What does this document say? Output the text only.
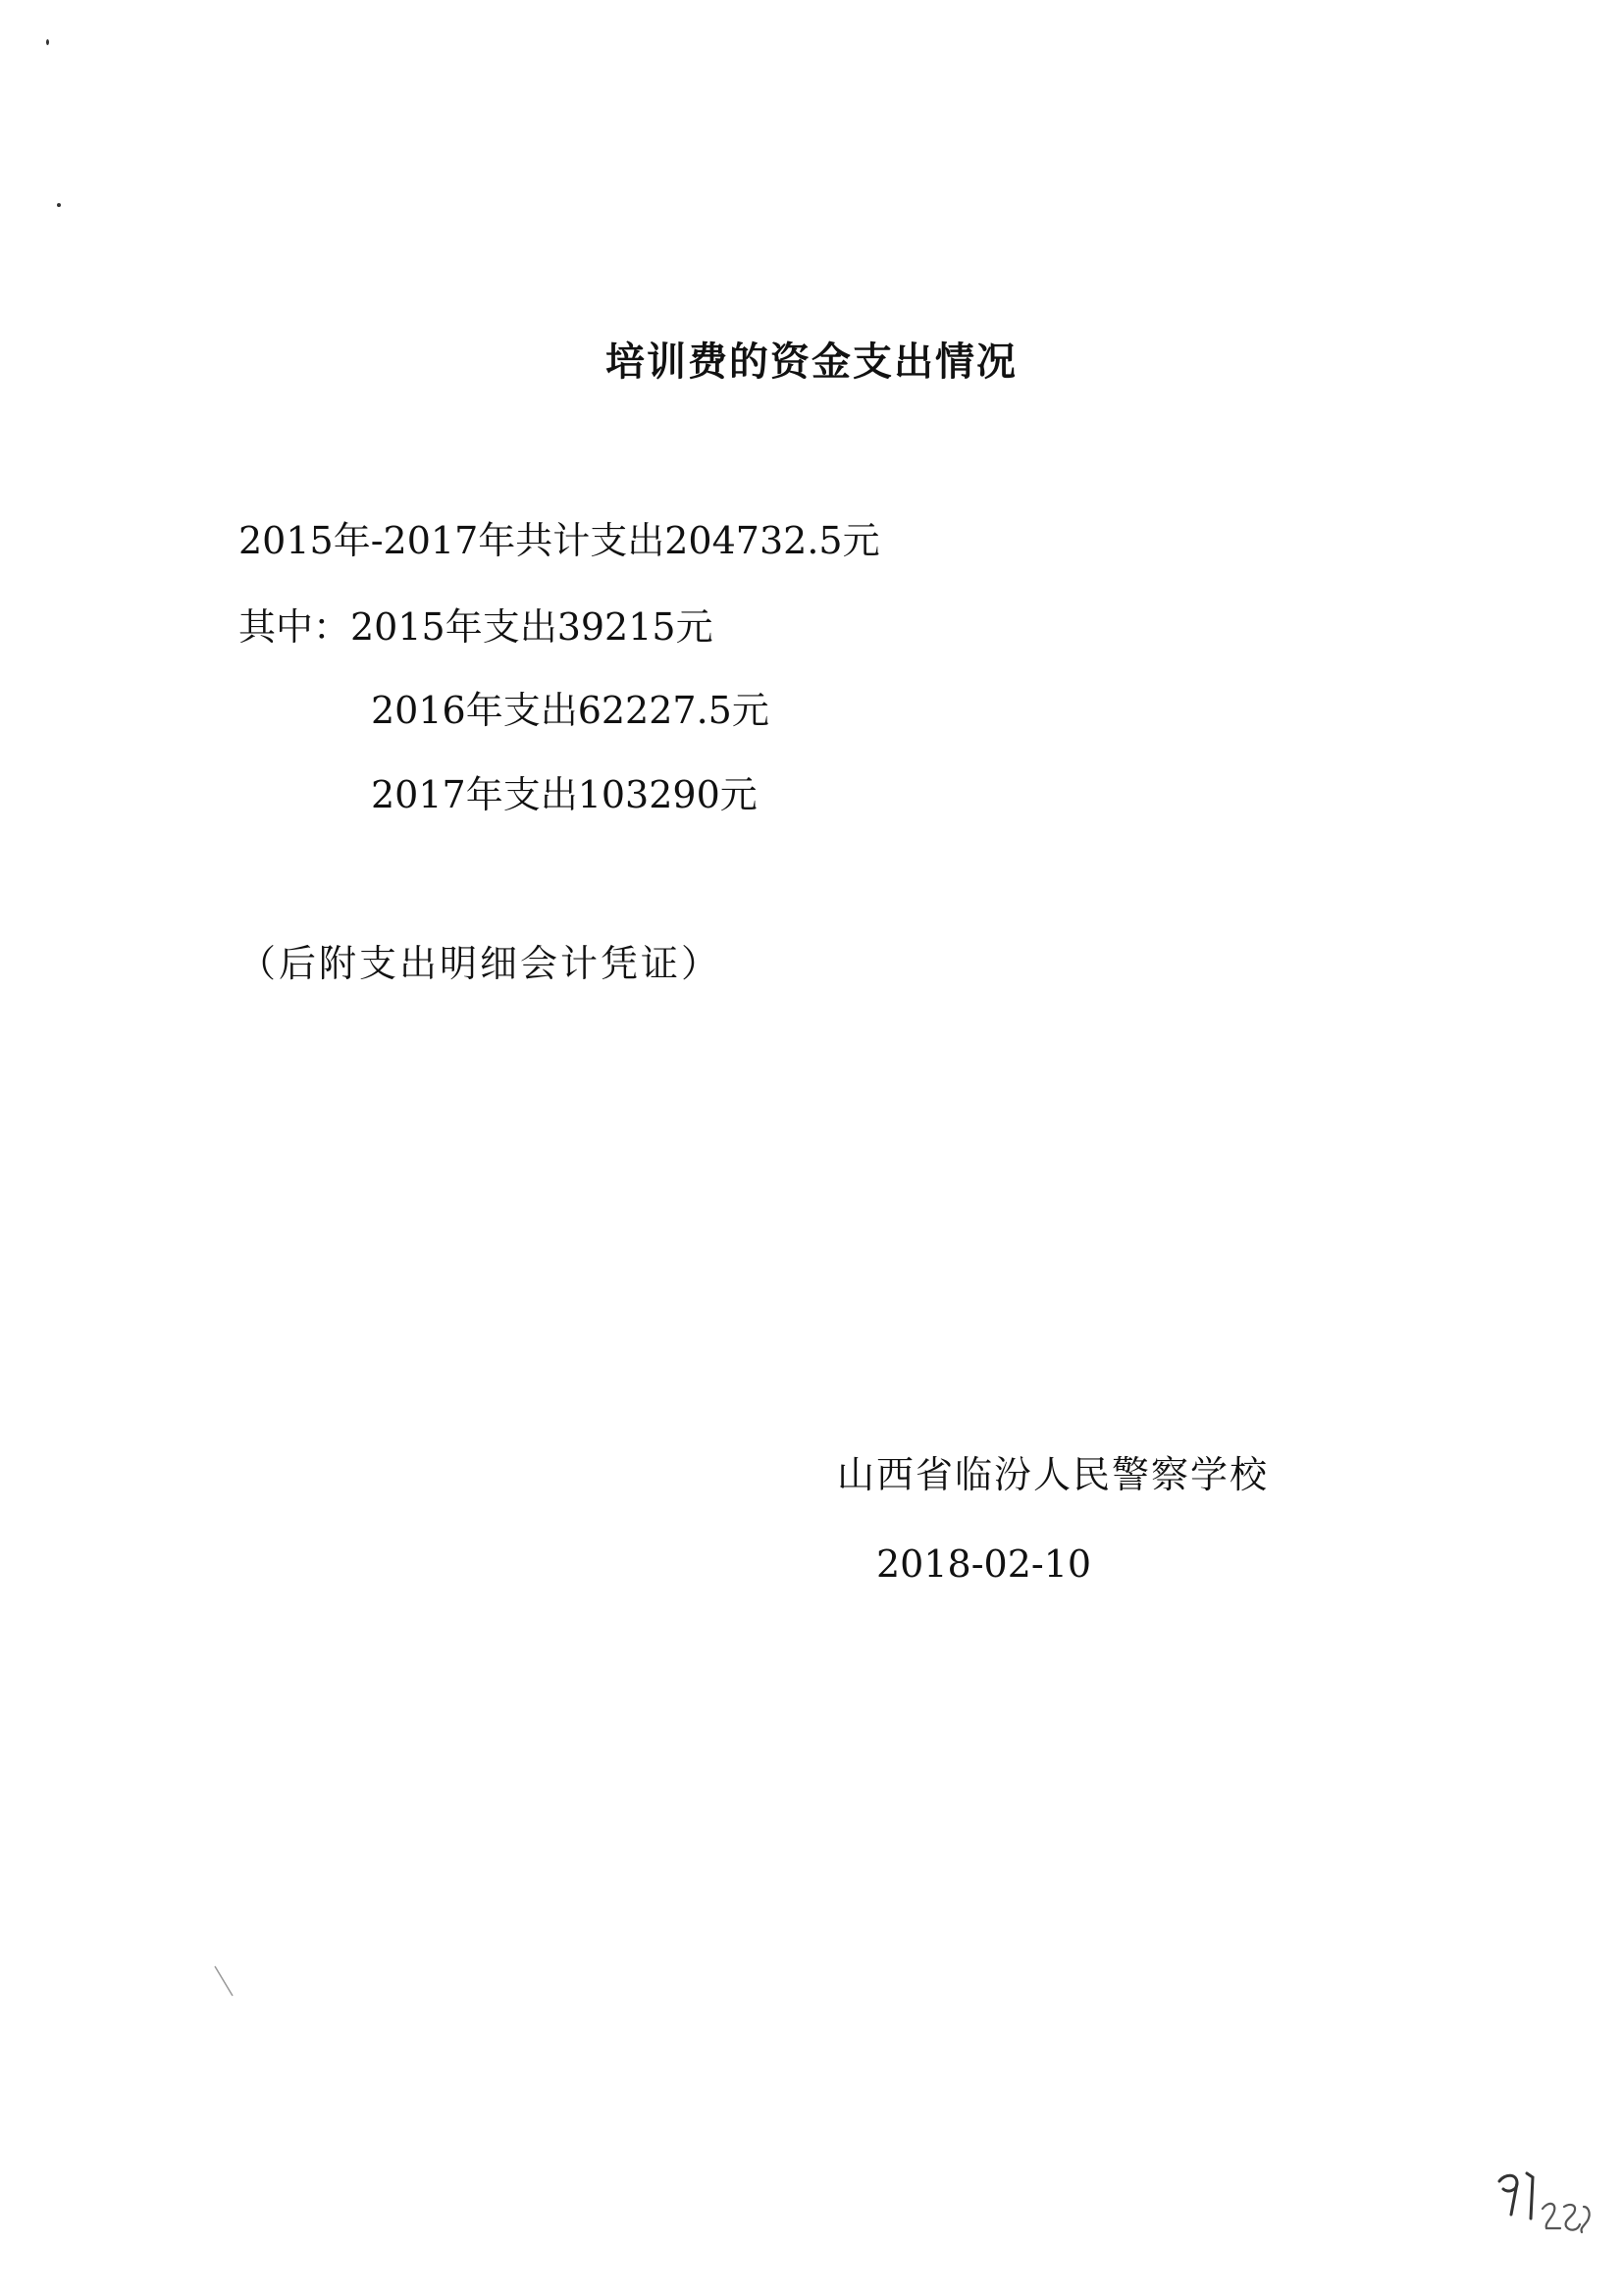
培训费的资金支出情况
2015年-2017年共计支出204732.5元
其中：2015年支出39215元
2016年支出62227.5元
2017年支出103290元
（后附支出明细会计凭证）
山西省临汾人民警察学校
2018-02-10
